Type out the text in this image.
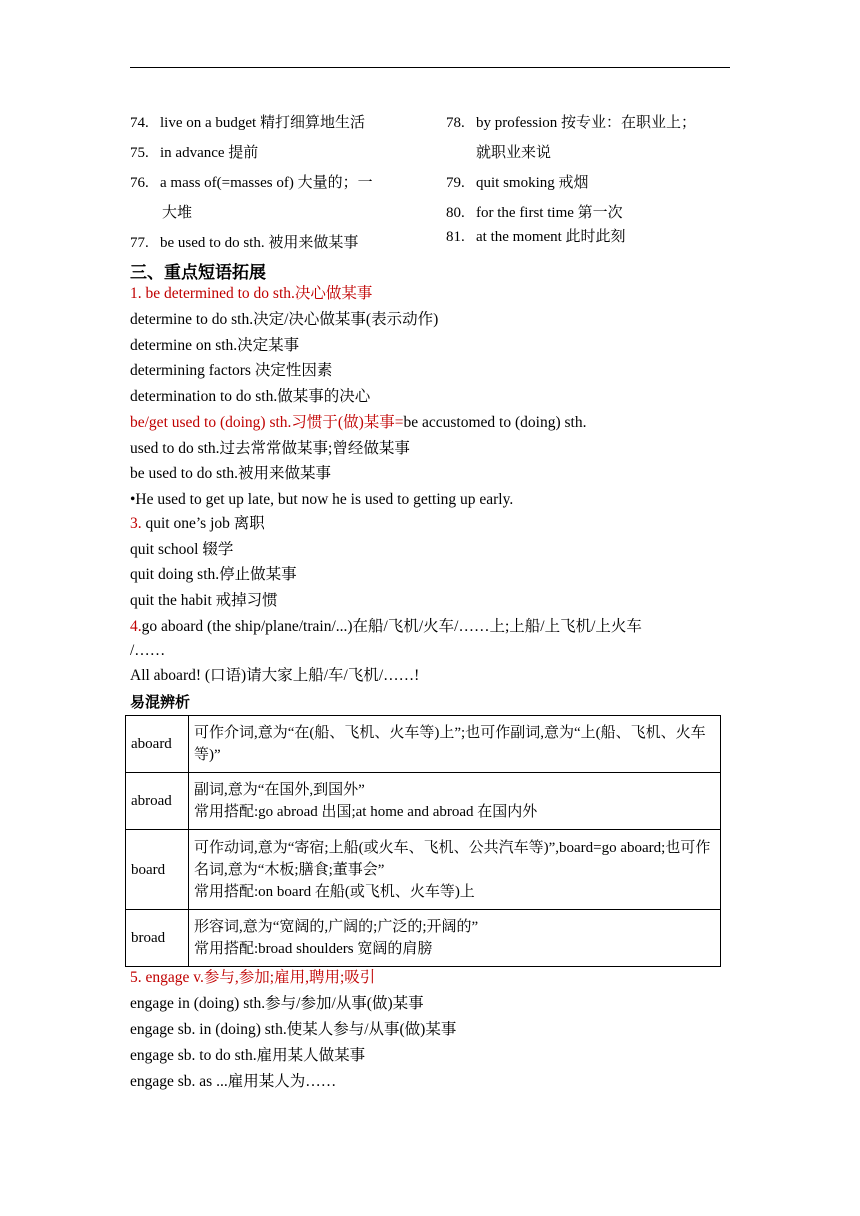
74. live on a budget 精打细算地生活
75. in advance 提前
76. a mass of(=masses of) 大量的；一
大堆
77. be used to do sth. 被用来做某事
78. by profession 按专业：在职业上；
就职业来说
79. quit smoking 戒烟
80. for the first time 第一次
81. at the moment 此时此刻
三、重点短语拓展
1. be determined to do sth.决心做某事
determine to do sth.决定/决心做某事(表示动作)
determine on sth.决定某事
determining factors 决定性因素
determination to do sth.做某事的决心
be/get used to (doing) sth.习惯于(做)某事=be accustomed to (doing) sth.
used to do sth.过去常常做某事;曾经做某事
be used to do sth.被用来做某事
•He used to get up late, but now he is used to getting up early.
3. quit one’s job 离职
quit school 辍学
quit doing sth.停止做某事
quit the habit 戒掉习惯
4.go aboard (the ship/plane/train/...)在船/飞机/火车/……上;上船/上飞机/上火车
/……
All aboard! (口语)请大家上船/车/飞机/……!
易混辨析
aboard	可作介词,意为“在(船、飞机、火车等)上”;也可作副词,意为“上(船、飞机、火车等)”

abroad	副词,意为“在国外,到国外”
常用搭配:go abroad 出国;at home and abroad 在国内外

board	可作动词,意为“寄宿;上船(或火车、飞机、公共汽车等)”,board=go aboard;也可作名词,意为“木板;膳食;董事会”
常用搭配:on board 在船(或飞机、火车等)上

broad	形容词,意为“宽阔的,广阔的;广泛的;开阔的”
常用搭配:broad shoulders 宽阔的肩膀
5. engage v.参与,参加;雇用,聘用;吸引
engage in (doing) sth.参与/参加/从事(做)某事
engage sb. in (doing) sth.使某人参与/从事(做)某事
engage sb. to do sth.雇用某人做某事
engage sb. as ...雇用某人为……
